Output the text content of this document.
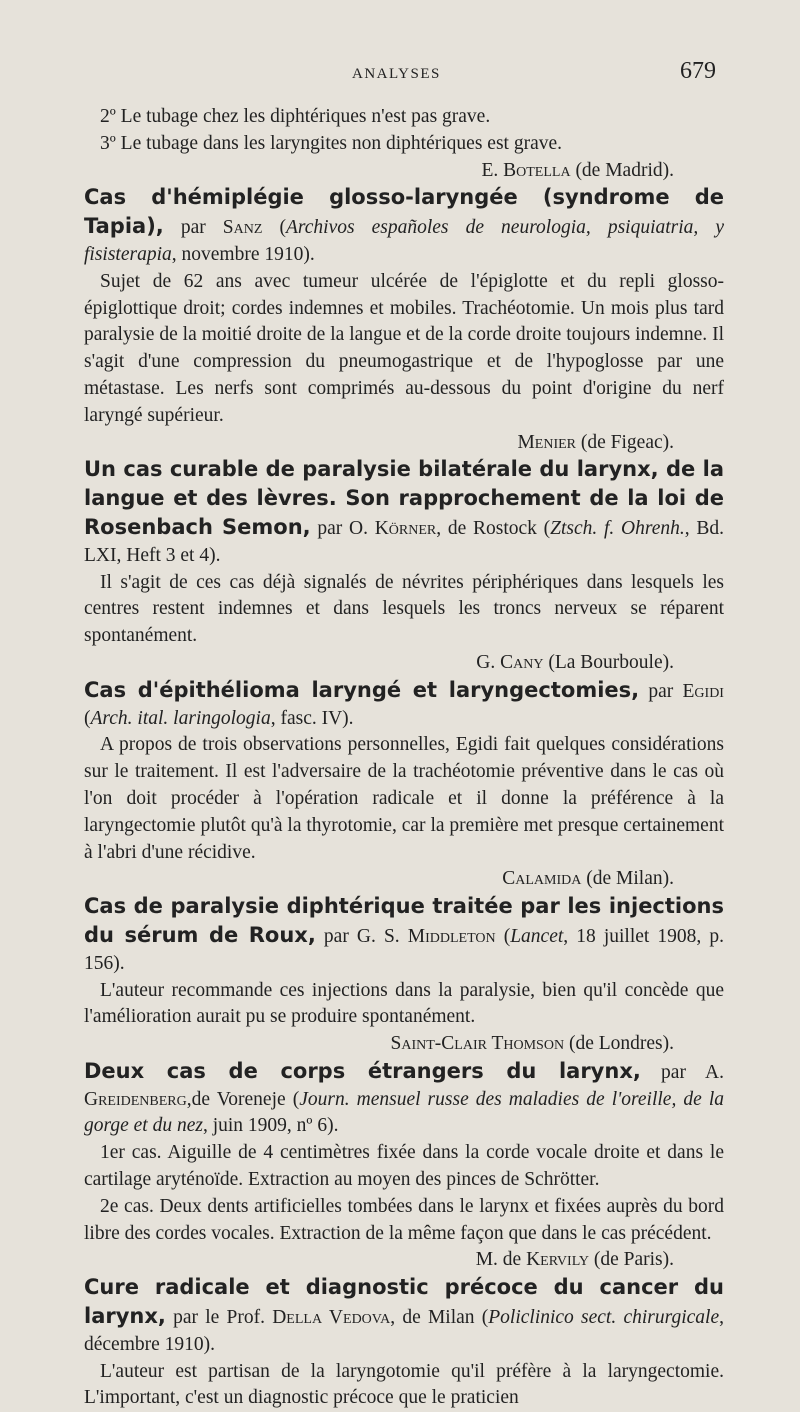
ANALYSES	679

2º Le tubage chez les diphtériques n'est pas grave.

3º Le tubage dans les laryngites non diphtériques est grave.

E. Botella (de Madrid).

Cas d'hémiplégie glosso-laryngée (syndrome de Tapia), par Sanz (Archivos españoles de neurologia, psiquiatria, y fisisterapia, novembre 1910).

Sujet de 62 ans avec tumeur ulcérée de l'épiglotte et du repli glosso-épiglottique droit; cordes indemnes et mobiles. Trachéotomie. Un mois plus tard paralysie de la moitié droite de la langue et de la corde droite toujours indemne. Il s'agit d'une compression du pneumogastrique et de l'hypoglosse par une métastase. Les nerfs sont comprimés au-dessous du point d'origine du nerf laryngé supérieur.

Menier (de Figeac).

Un cas curable de paralysie bilatérale du larynx, de la langue et des lèvres. Son rapprochement de la loi de Rosenbach Semon, par O. Körner, de Rostock (Ztsch. f. Ohrenh., Bd. LXI, Heft 3 et 4).

Il s'agit de ces cas déjà signalés de névrites périphériques dans lesquels les centres restent indemnes et dans lesquels les troncs nerveux se réparent spontanément.

G. Cany (La Bourboule).

Cas d'épithélioma laryngé et laryngectomies, par Egidi (Arch. ital. laringologia, fasc. IV).

A propos de trois observations personnelles, Egidi fait quelques considérations sur le traitement. Il est l'adversaire de la trachéotomie préventive dans le cas où l'on doit procéder à l'opération radicale et il donne la préférence à la laryngectomie plutôt qu'à la thyrotomie, car la première met presque certainement à l'abri d'une récidive.

Calamida (de Milan).

Cas de paralysie diphtérique traitée par les injections du sérum de Roux, par G. S. Middleton (Lancet, 18 juillet 1908, p. 156).

L'auteur recommande ces injections dans la paralysie, bien qu'il concède que l'amélioration aurait pu se produire spontanément.

Saint-Clair Thomson (de Londres).

Deux cas de corps étrangers du larynx, par A. Greidenberg,de Voreneje (Journ. mensuel russe des maladies de l'oreille, de la gorge et du nez, juin 1909, nº 6).

1er cas. Aiguille de 4 centimètres fixée dans la corde vocale droite et dans le cartilage aryténoïde. Extraction au moyen des pinces de Schrötter.

2e cas. Deux dents artificielles tombées dans le larynx et fixées auprès du bord libre des cordes vocales. Extraction de la même façon que dans le cas précédent.

M. de Kervily (de Paris).

Cure radicale et diagnostic précoce du cancer du larynx, par le Prof. Della Vedova, de Milan (Policlinico sect. chirurgicale, décembre 1910).

L'auteur est partisan de la laryngotomie qu'il préfère à la laryngectomie. L'important, c'est un diagnostic précoce que le praticien
